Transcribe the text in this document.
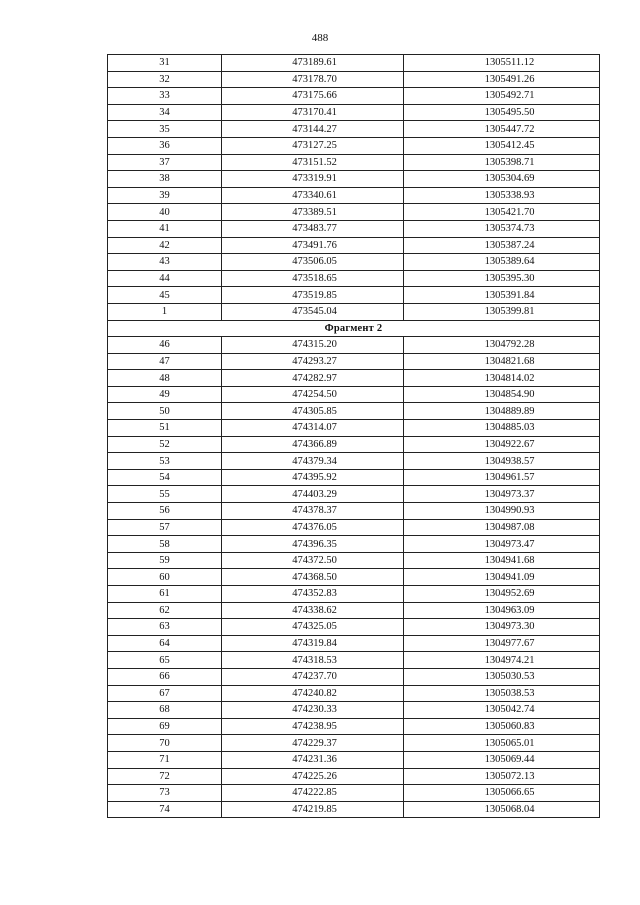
488
31	473189.61	1305511.12
32	473178.70	1305491.26
33	473175.66	1305492.71
34	473170.41	1305495.50
35	473144.27	1305447.72
36	473127.25	1305412.45
37	473151.52	1305398.71
38	473319.91	1305304.69
39	473340.61	1305338.93
40	473389.51	1305421.70
41	473483.77	1305374.73
42	473491.76	1305387.24
43	473506.05	1305389.64
44	473518.65	1305395.30
45	473519.85	1305391.84
1	473545.04	1305399.81
Фрагмент 2		
46	474315.20	1304792.28
47	474293.27	1304821.68
48	474282.97	1304814.02
49	474254.50	1304854.90
50	474305.85	1304889.89
51	474314.07	1304885.03
52	474366.89	1304922.67
53	474379.34	1304938.57
54	474395.92	1304961.57
55	474403.29	1304973.37
56	474378.37	1304990.93
57	474376.05	1304987.08
58	474396.35	1304973.47
59	474372.50	1304941.68
60	474368.50	1304941.09
61	474352.83	1304952.69
62	474338.62	1304963.09
63	474325.05	1304973.30
64	474319.84	1304977.67
65	474318.53	1304974.21
66	474237.70	1305030.53
67	474240.82	1305038.53
68	474230.33	1305042.74
69	474238.95	1305060.83
70	474229.37	1305065.01
71	474231.36	1305069.44
72	474225.26	1305072.13
73	474222.85	1305066.65
74	474219.85	1305068.04
